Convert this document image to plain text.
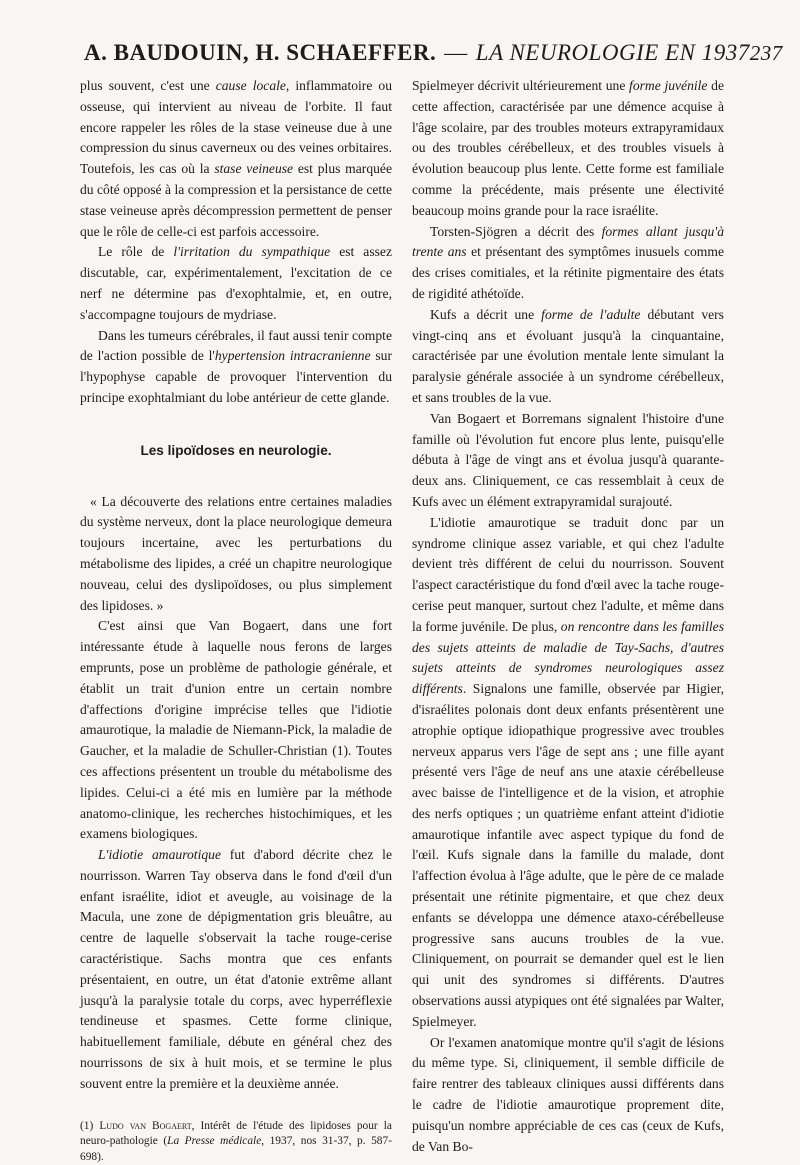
A. BAUDOUIN, H. SCHAEFFER. — LA NEUROLOGIE EN 1937 237

plus souvent, c'est une cause locale, inflammatoire ou osseuse, qui intervient au niveau de l'orbite. Il faut encore rappeler les rôles de la stase veineuse due à une compression du sinus caverneux ou des veines orbitaires. Toutefois, les cas où la stase veineuse est plus marquée du côté opposé à la compression et la persistance de cette stase veineuse après décompression permettent de penser que le rôle de celle-ci est parfois accessoire.

Le rôle de l'irritation du sympathique est assez discutable, car, expérimentalement, l'excitation de ce nerf ne détermine pas d'exophtalmie, et, en outre, s'accompagne toujours de mydriase.

Dans les tumeurs cérébrales, il faut aussi tenir compte de l'action possible de l'hypertension intracranienne sur l'hypophyse capable de provoquer l'intervention du principe exophtalmiant du lobe antérieur de cette glande.

Les lipoïdoses en neurologie.

« La découverte des relations entre certaines maladies du système nerveux, dont la place neurologique demeura toujours incertaine, avec les perturbations du métabolisme des lipides, a créé un chapitre neurologique nouveau, celui des dyslipoïdoses, ou plus simplement des lipidoses. »

C'est ainsi que Van Bogaert, dans une fort intéressante étude à laquelle nous ferons de larges emprunts, pose un problème de pathologie générale, et établit un trait d'union entre un certain nombre d'affections d'origine imprécise telles que l'idiotie amaurotique, la maladie de Niemann-Pick, la maladie de Gaucher, et la maladie de Schuller-Christian (1). Toutes ces affections présentent un trouble du métabolisme des lipides. Celui-ci a été mis en lumière par la méthode anatomo-clinique, les recherches histochimiques, et les examens biologiques.

L'idiotie amaurotique fut d'abord décrite chez le nourrisson. Warren Tay observa dans le fond d'œil d'un enfant israélite, idiot et aveugle, au voisinage de la Macula, une zone de dépigmentation gris bleuâtre, au centre de laquelle s'observait la tache rouge-cerise caractéristique. Sachs montra que ces enfants présentaient, en outre, un état d'atonie extrême allant jusqu'à la paralysie totale du corps, avec hyperréflexie tendineuse et spasmes. Cette forme clinique, habituellement familiale, débute en général chez des nourrissons de six à huit mois, et se termine le plus souvent entre la première et la deuxième année.

(1) Ludo van Bogaert, Intérêt de l'étude des lipidoses pour la neuro-pathologie (La Presse médicale, 1937, nos 31-37, p. 587-698).

Spielmeyer décrivit ultérieurement une forme juvénile de cette affection, caractérisée par une démence acquise à l'âge scolaire, par des troubles moteurs extrapyramidaux ou des troubles cérébelleux, et des troubles visuels à évolution beaucoup plus lente. Cette forme est familiale comme la précédente, mais présente une électivité beaucoup moins grande pour la race israélite.

Torsten-Sjögren a décrit des formes allant jusqu'à trente ans et présentant des symptômes inusuels comme des crises comitiales, et la rétinite pigmentaire des états de rigidité athétoïde.

Kufs a décrit une forme de l'adulte débutant vers vingt-cinq ans et évoluant jusqu'à la cinquantaine, caractérisée par une évolution mentale lente simulant la paralysie générale associée à un syndrome cérébelleux, et sans troubles de la vue.

Van Bogaert et Borremans signalent l'histoire d'une famille où l'évolution fut encore plus lente, puisqu'elle débuta à l'âge de vingt ans et évolua jusqu'à quarante-deux ans. Cliniquement, ce cas ressemblait à ceux de Kufs avec un élément extrapyramidal surajouté.

L'idiotie amaurotique se traduit donc par un syndrome clinique assez variable, et qui chez l'adulte devient très différent de celui du nourrisson. Souvent l'aspect caractéristique du fond d'œil avec la tache rouge-cerise peut manquer, surtout chez l'adulte, et même dans la forme juvénile. De plus, on rencontre dans les familles des sujets atteints de maladie de Tay-Sachs, d'autres sujets atteints de syndromes neurologiques assez différents. Signalons une famille, observée par Higier, d'israélites polonais dont deux enfants présentèrent une atrophie optique idiopathique progressive avec troubles nerveux apparus vers l'âge de sept ans ; une fille ayant présenté vers l'âge de neuf ans une ataxie cérébelleuse avec baisse de l'intelligence et de la vision, et atrophie des nerfs optiques ; un quatrième enfant atteint d'idiotie amaurotique infantile avec aspect typique du fond de l'œil. Kufs signale dans la famille du malade, dont l'affection évolua à l'âge adulte, que le père de ce malade présentait une rétinite pigmentaire, et que chez deux enfants se développa une démence ataxo-cérébelleuse progressive sans aucuns troubles de la vue. Cliniquement, on pourrait se demander quel est le lien qui unit des syndromes si différents. D'autres observations aussi atypiques ont été signalées par Walter, Spielmeyer.

Or l'examen anatomique montre qu'il s'agit de lésions du même type. Si, cliniquement, il semble difficile de faire rentrer des tableaux cliniques aussi différents dans le cadre de l'idiotie amaurotique proprement dite, puisqu'un nombre appréciable de ces cas (ceux de Kufs, de Van Bo-
